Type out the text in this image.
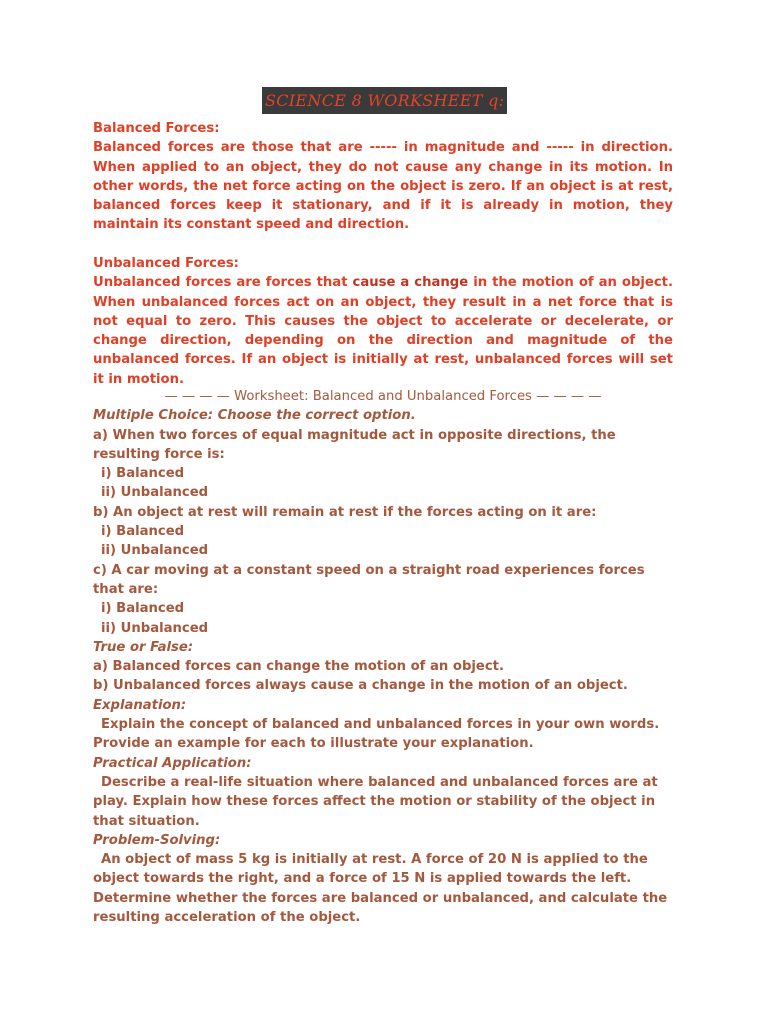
SCIENCE 8 WORKSHEET q:

Balanced Forces:

Balanced forces are those that are ----- in magnitude and ----- in direction. When applied to an object, they do not cause any change in its motion. In other words, the net force acting on the object is zero. If an object is at rest, balanced forces keep it stationary, and if it is already in motion, they maintain its constant speed and direction.

Unbalanced Forces:

Unbalanced forces are forces that cause a change in the motion of an object. When unbalanced forces act on an object, they result in a net force that is not equal to zero. This causes the object to accelerate or decelerate, or change direction, depending on the direction and magnitude of the unbalanced forces. If an object is initially at rest, unbalanced forces will set it in motion.

— — — — Worksheet: Balanced and Unbalanced Forces — — — —

Multiple Choice: Choose the correct option.

a) When two forces of equal magnitude act in opposite directions, the resulting force is:

i) Balanced

ii) Unbalanced

b) An object at rest will remain at rest if the forces acting on it are:

i) Balanced

ii) Unbalanced

c) A car moving at a constant speed on a straight road experiences forces that are:

i) Balanced

ii) Unbalanced

True or False:

a) Balanced forces can change the motion of an object.

b) Unbalanced forces always cause a change in the motion of an object.

Explanation:

Explain the concept of balanced and unbalanced forces in your own words. Provide an example for each to illustrate your explanation.

Practical Application:

Describe a real-life situation where balanced and unbalanced forces are at play. Explain how these forces affect the motion or stability of the object in that situation.

Problem-Solving:

An object of mass 5 kg is initially at rest. A force of 20 N is applied to the object towards the right, and a force of 15 N is applied towards the left. Determine whether the forces are balanced or unbalanced, and calculate the resulting acceleration of the object.
